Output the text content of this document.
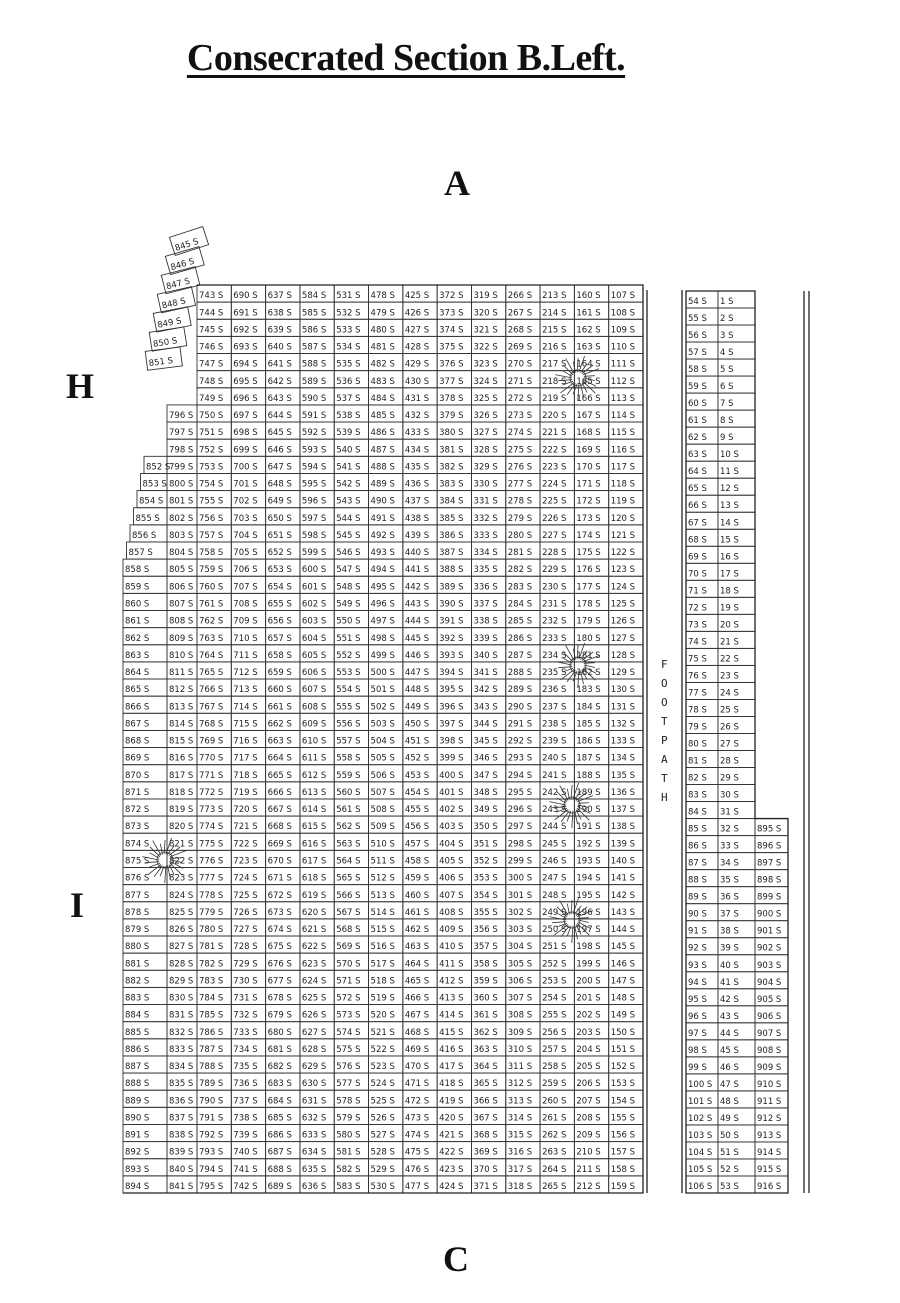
Consecrated Section B.Left.
A
H
I
C
743 S
744 S
745 S
746 S
747 S
748 S
749 S
750 S
751 S
752 S
753 S
754 S
755 S
756 S
757 S
758 S
759 S
760 S
761 S
762 S
763 S
764 S
765 S
766 S
767 S
768 S
769 S
770 S
771 S
772 S
773 S
774 S
775 S
776 S
777 S
778 S
779 S
780 S
781 S
782 S
783 S
784 S
785 S
786 S
787 S
788 S
789 S
790 S
791 S
792 S
793 S
794 S
795 S
690 S
691 S
692 S
693 S
694 S
695 S
696 S
697 S
698 S
699 S
700 S
701 S
702 S
703 S
704 S
705 S
706 S
707 S
708 S
709 S
710 S
711 S
712 S
713 S
714 S
715 S
716 S
717 S
718 S
719 S
720 S
721 S
722 S
723 S
724 S
725 S
726 S
727 S
728 S
729 S
730 S
731 S
732 S
733 S
734 S
735 S
736 S
737 S
738 S
739 S
740 S
741 S
742 S
637 S
638 S
639 S
640 S
641 S
642 S
643 S
644 S
645 S
646 S
647 S
648 S
649 S
650 S
651 S
652 S
653 S
654 S
655 S
656 S
657 S
658 S
659 S
660 S
661 S
662 S
663 S
664 S
665 S
666 S
667 S
668 S
669 S
670 S
671 S
672 S
673 S
674 S
675 S
676 S
677 S
678 S
679 S
680 S
681 S
682 S
683 S
684 S
685 S
686 S
687 S
688 S
689 S
584 S
585 S
586 S
587 S
588 S
589 S
590 S
591 S
592 S
593 S
594 S
595 S
596 S
597 S
598 S
599 S
600 S
601 S
602 S
603 S
604 S
605 S
606 S
607 S
608 S
609 S
610 S
611 S
612 S
613 S
614 S
615 S
616 S
617 S
618 S
619 S
620 S
621 S
622 S
623 S
624 S
625 S
626 S
627 S
628 S
629 S
630 S
631 S
632 S
633 S
634 S
635 S
636 S
531 S
532 S
533 S
534 S
535 S
536 S
537 S
538 S
539 S
540 S
541 S
542 S
543 S
544 S
545 S
546 S
547 S
548 S
549 S
550 S
551 S
552 S
553 S
554 S
555 S
556 S
557 S
558 S
559 S
560 S
561 S
562 S
563 S
564 S
565 S
566 S
567 S
568 S
569 S
570 S
571 S
572 S
573 S
574 S
575 S
576 S
577 S
578 S
579 S
580 S
581 S
582 S
583 S
478 S
479 S
480 S
481 S
482 S
483 S
484 S
485 S
486 S
487 S
488 S
489 S
490 S
491 S
492 S
493 S
494 S
495 S
496 S
497 S
498 S
499 S
500 S
501 S
502 S
503 S
504 S
505 S
506 S
507 S
508 S
509 S
510 S
511 S
512 S
513 S
514 S
515 S
516 S
517 S
518 S
519 S
520 S
521 S
522 S
523 S
524 S
525 S
526 S
527 S
528 S
529 S
530 S
425 S
426 S
427 S
428 S
429 S
430 S
431 S
432 S
433 S
434 S
435 S
436 S
437 S
438 S
439 S
440 S
441 S
442 S
443 S
444 S
445 S
446 S
447 S
448 S
449 S
450 S
451 S
452 S
453 S
454 S
455 S
456 S
457 S
458 S
459 S
460 S
461 S
462 S
463 S
464 S
465 S
466 S
467 S
468 S
469 S
470 S
471 S
472 S
473 S
474 S
475 S
476 S
477 S
372 S
373 S
374 S
375 S
376 S
377 S
378 S
379 S
380 S
381 S
382 S
383 S
384 S
385 S
386 S
387 S
388 S
389 S
390 S
391 S
392 S
393 S
394 S
395 S
396 S
397 S
398 S
399 S
400 S
401 S
402 S
403 S
404 S
405 S
406 S
407 S
408 S
409 S
410 S
411 S
412 S
413 S
414 S
415 S
416 S
417 S
418 S
419 S
420 S
421 S
422 S
423 S
424 S
319 S
320 S
321 S
322 S
323 S
324 S
325 S
326 S
327 S
328 S
329 S
330 S
331 S
332 S
333 S
334 S
335 S
336 S
337 S
338 S
339 S
340 S
341 S
342 S
343 S
344 S
345 S
346 S
347 S
348 S
349 S
350 S
351 S
352 S
353 S
354 S
355 S
356 S
357 S
358 S
359 S
360 S
361 S
362 S
363 S
364 S
365 S
366 S
367 S
368 S
369 S
370 S
371 S
266 S
267 S
268 S
269 S
270 S
271 S
272 S
273 S
274 S
275 S
276 S
277 S
278 S
279 S
280 S
281 S
282 S
283 S
284 S
285 S
286 S
287 S
288 S
289 S
290 S
291 S
292 S
293 S
294 S
295 S
296 S
297 S
298 S
299 S
300 S
301 S
302 S
303 S
304 S
305 S
306 S
307 S
308 S
309 S
310 S
311 S
312 S
313 S
314 S
315 S
316 S
317 S
318 S
213 S
214 S
215 S
216 S
217 S
218 S
219 S
220 S
221 S
222 S
223 S
224 S
225 S
226 S
227 S
228 S
229 S
230 S
231 S
232 S
233 S
234 S
235 S
236 S
237 S
238 S
239 S
240 S
241 S
242 S
243 S
244 S
245 S
246 S
247 S
248 S
249 S
250 S
251 S
252 S
253 S
254 S
255 S
256 S
257 S
258 S
259 S
260 S
261 S
262 S
263 S
264 S
265 S
160 S
161 S
162 S
163 S
164 S
165 S
166 S
167 S
168 S
169 S
170 S
171 S
172 S
173 S
174 S
175 S
176 S
177 S
178 S
179 S
180 S
181 S
182 S
183 S
184 S
185 S
186 S
187 S
188 S
189 S
190 S
191 S
192 S
193 S
194 S
195 S
196 S
197 S
198 S
199 S
200 S
201 S
202 S
203 S
204 S
205 S
206 S
207 S
208 S
209 S
210 S
211 S
212 S
107 S
108 S
109 S
110 S
111 S
112 S
113 S
114 S
115 S
116 S
117 S
118 S
119 S
120 S
121 S
122 S
123 S
124 S
125 S
126 S
127 S
128 S
129 S
130 S
131 S
132 S
133 S
134 S
135 S
136 S
137 S
138 S
139 S
140 S
141 S
142 S
143 S
144 S
145 S
146 S
147 S
148 S
149 S
150 S
151 S
152 S
153 S
154 S
155 S
156 S
157 S
158 S
159 S
796 S
797 S
798 S
799 S
800 S
801 S
802 S
803 S
804 S
805 S
806 S
807 S
808 S
809 S
810 S
811 S
812 S
813 S
814 S
815 S
816 S
817 S
818 S
819 S
820 S
821 S
822 S
823 S
824 S
825 S
826 S
827 S
828 S
829 S
830 S
831 S
832 S
833 S
834 S
835 S
836 S
837 S
838 S
839 S
840 S
841 S
852 S
853 S
854 S
855 S
856 S
857 S
858 S
859 S
860 S
861 S
862 S
863 S
864 S
865 S
866 S
867 S
868 S
869 S
870 S
871 S
872 S
873 S
874 S
875 S
876 S
877 S
878 S
879 S
880 S
881 S
882 S
883 S
884 S
885 S
886 S
887 S
888 S
889 S
890 S
891 S
892 S
893 S
894 S
845 S
846 S
847 S
848 S
849 S
850 S
851 S
54 S
55 S
56 S
57 S
58 S
59 S
60 S
61 S
62 S
63 S
64 S
65 S
66 S
67 S
68 S
69 S
70 S
71 S
72 S
73 S
74 S
75 S
76 S
77 S
78 S
79 S
80 S
81 S
82 S
83 S
84 S
85 S
86 S
87 S
88 S
89 S
90 S
91 S
92 S
93 S
94 S
95 S
96 S
97 S
98 S
99 S
100 S
101 S
102 S
103 S
104 S
105 S
106 S
1 S
2 S
3 S
4 S
5 S
6 S
7 S
8 S
9 S
10 S
11 S
12 S
13 S
14 S
15 S
16 S
17 S
18 S
19 S
20 S
21 S
22 S
23 S
24 S
25 S
26 S
27 S
28 S
29 S
30 S
31 S
32 S
33 S
34 S
35 S
36 S
37 S
38 S
39 S
40 S
41 S
42 S
43 S
44 S
45 S
46 S
47 S
48 S
49 S
50 S
51 S
52 S
53 S
895 S
896 S
897 S
898 S
899 S
900 S
901 S
902 S
903 S
904 S
905 S
906 S
907 S
908 S
909 S
910 S
911 S
912 S
913 S
914 S
915 S
916 S
F
O
O
T
P
A
T
H
